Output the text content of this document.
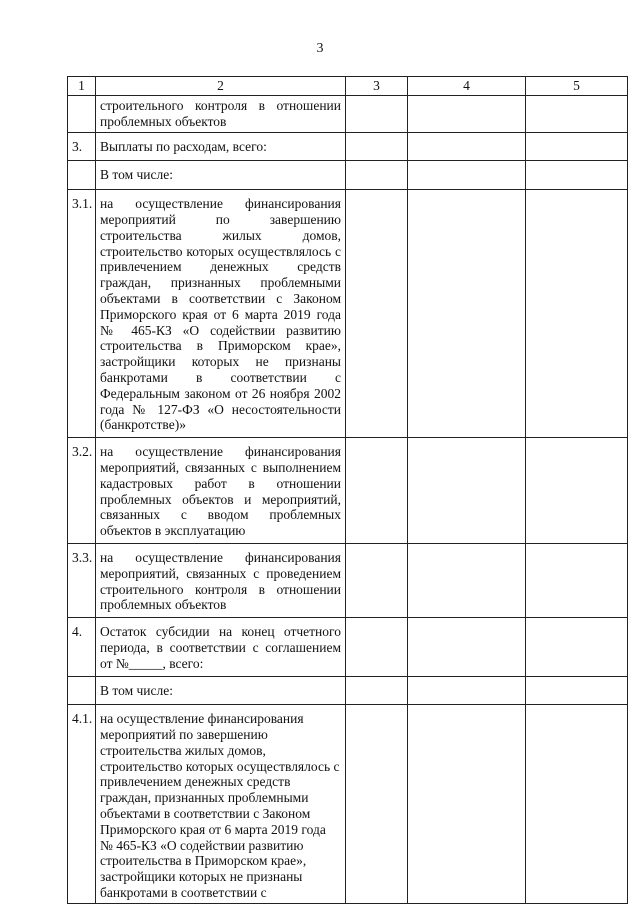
3
1	2	3	4	5
	строительного контроля в отношении проблемных объектов			
3.	Выплаты по расходам, всего:			
	В том числе:			
3.1.	на осуществление финансирования мероприятий по завершению строительства жилых домов, строительство которых осуществлялось с привлечением денежных средств граждан, признанных проблемными объектами в соответствии с Законом Приморского края от 6 марта 2019 года № 465-КЗ «О содействии развитию строительства в Приморском крае», застройщики которых не признаны банкротами в соответствии с Федеральным законом от 26 ноября 2002 года № 127-ФЗ «О несостоятельности (банкротстве)»			
3.2.	на осуществление финансирования мероприятий, связанных с выполнением кадастровых работ в отношении проблемных объектов и мероприятий, связанных с вводом проблемных объектов в эксплуатацию			
3.3.	на осуществление финансирования мероприятий, связанных с проведением строительного контроля в отношении проблемных объектов			
4.	Остаток субсидии на конец отчетного периода, в соответствии с соглашением от №_____, всего:			
	В том числе:			
4.1.	на осуществление финансирования мероприятий по завершению строительства жилых домов, строительство которых осуществлялось с привлечением денежных средств граждан, признанных проблемными объектами в соответствии с Законом Приморского края от 6 марта 2019 года № 465-КЗ «О содействии развитию строительства в Приморском крае», застройщики которых не признаны банкротами в соответствии с			
